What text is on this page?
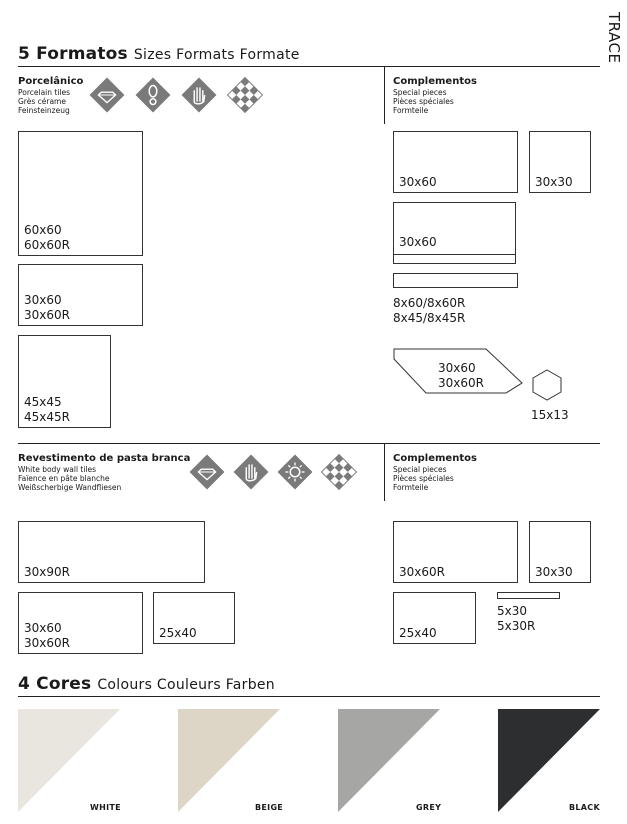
TRACE
5 Formatos Sizes Formats Formate
Porcelânico
Porcelain tiles
Grès cérame
Feinsteinzeug
Complementos
Special pieces
Pièces spéciales
Formteile
60x60
60x60R
30x60
30x60R
45x45
45x45R
30x60	30x30
30x60
8x60/8x60R
8x45/8x45R
30x60
30x60R
15x13
Revestimento de pasta branca
White body wall tiles
Faïence en pâte blanche
Weißscherbige Wandfliesen
Complementos
Special pieces
Pièces spéciales
Formteile
30x90R
30x60
30x60R
25x40
30x60R	30x30
25x40
5x30
5x30R
4 Cores Colours Couleurs Farben
WHITE	BEIGE	GREY	BLACK
